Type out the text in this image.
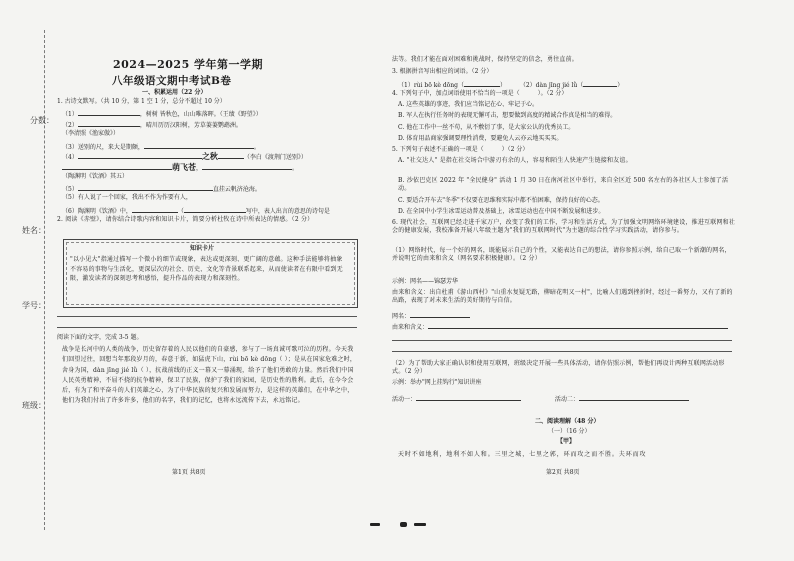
分数：
姓名：
学号：
班级：
2024—2025 学年第一学期
八年级语文期中考试B卷
一、积累运用（22 分）
1. 古诗文默写。（共 10 分，第 1 空 1 分，总分不超过 10 分）
（1）	，树树 皆秋色，山山唯落晖。（王绩《野望》）
（2）	，晴川历历汉阳树，芳草萋萋鹦鹉洲。
（李清照《渔家傲》）
（3）送别的尺，来大是期颇，	。
（4）	之秋	（李白《渡荆门送别》）
萌飞苍，	。
（陶渊明《饮酒》其五）
（5）	直挂云帆济沧海。
（5）有人说了一个回家，我出不作为作要有人，
（6）陶渊明《饮酒》中，	（	写中，表人出言的意思的诗句是
2. 阅读《赤壁》，请你结合诗歌内容和知识卡片，简要分析杜牧在诗中所表达的情感。（2 分）
知识卡片
"以小见大"指通过描写一个微小的细节或现象，表达或更深刻、更广阔的意蕴。这种手法能够将抽象不容易的事物与生活化，更深层次的社会、历史、文化等背景联系起来，从而使读者在有限中看到无限，激发读者的深刻思考和感悟，提升作品的表现力和深刻性。
阅读下面的文字，完成 3-5 题。
战争是长河中的人类的战争，历史留存着的人民以他们的自豪感，参与了一场真诚可歌可泣的历程。今天我们回望过往，回想当年那段岁月的，春意于新，如猛虎下山，rùi bō kè dōng（ ）；是从在国家危难之时，舍身为国，dàn jīng jié lǜ（ ），抗战前线的正义一幕又一幕涌现，给予了他们勇敢的力量。然后我们中国人民英勇精神，不屈不挠的抗争精神，保卫了民族，保护了我们的家园，是历史性的胜利。此后，在今今会后，有为了和平奋斗的人们英雄之心，为了中华民族的复兴和发展而努力，是这样的英雄们，在中华之中，他们为我们付出了许多许多，他们的名字，我们的记忆，也将永远流传下去，永远铭记。
第1页 共8页
法等。我们才能在面对困难和挑战时，保持坚定的信念，勇往直前。
3. 根据拼音写出相应的词语。（2 分）
（1）rùi bō kè dōng（	） （2）dàn jīng jié lǜ（	）
4. 下列句子中，加点词语使用不恰当的一项是（　　　）。（2 分）
A. 这些英雄的事迹，我们应当铭记在心、牢记于心。
B. 军人在执行任务时的表现无懈可击，想要做到高度的精诚合作真是相当的难得。
C. 他在工作中一丝不苟，从不敷衍了事，是大家公认的优秀员工。
D. 体育用品商家强调要理性消费，要避免人云亦云地买买买。
5. 下列句子表述不正确的一项是（　　　）（2 分）
A. "社交达人" 是指在社交场合中游刃有余的人，容易和陌生人快速产生链接和友谊。
B. 沙依巴克区 2022 年 "全民健身" 活动 1 月 30 日在南河社区中举行，来自全区近 500 名左右的各社区人士参加了活动。
C. 要适合开车去"冬季"不仅要在思维和实际中都不怕困难，保持良好的心态。
D. 在全国中小学生冰雪运动普及基础上，冰雪运动也在中国不断发展和进步。
6. 现代社会，互联网已经走进千家万户，改变了我们的工作，学习和生活方式，为了加强文明网络环境建设，推进互联网和社会的健康发展，我校准备开展八年级主题为"我们的互联网时代"为主题的综合性学习实践活动，请你参与。
（1）网络时代，每一个好的网名，既能展示自己的个性，又能表达自己的想法，请你参照示例，给自己取一个新潮的网名，并说明它的由来和含义（网名要求积极健康）。（2 分）
示例：网名——锦瑟芳华
由来和含义：出自杜甫《游山西村》"山重水复疑无路，柳暗花明又一村"，比喻人们遇到挫折时，经过一番努力，又有了新的出路，表现了对未来生活的美好期待与自信。
网名：
由来和含义：
（2）为了帮助大家正确认识和使用互联网，班级决定开展一些具体活动，请你仿照示例，帮他们再设计两种互联网活动形式。（2 分）
示例：举办"网上挂钩行"知识讲座
活动一：	活动二：
二、阅读理解（48 分）
（一）（16 分）
【甲】
天时不如地利，地利不如人和。三里之城，七里之郭，环而攻之而不胜。夫环而攻
第2页 共8页
